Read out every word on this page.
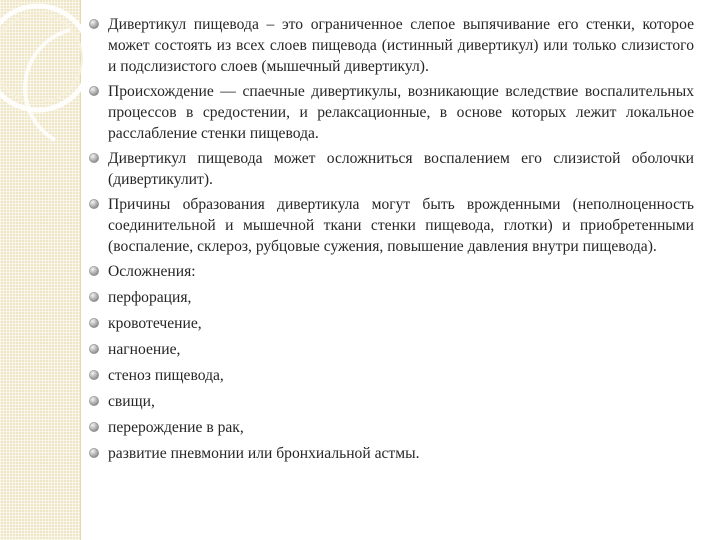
Дивертикул пищевода – это ограниченное слепое выпячивание его стенки, которое может состоять из всех слоев пищевода (истинный дивертикул) или только слизистого и подслизистого слоев (мышечный дивертикул).
Происхождение — спаечные дивертикулы, возникающие вследствие воспалительных процессов в средостении, и релаксационные, в основе которых лежит локальное расслабление стенки пищевода.
Дивертикул пищевода может осложниться воспалением его слизистой оболочки (дивертикулит).
Причины образования дивертикула могут быть врожденными (неполноценность соединительной и мышечной ткани стенки пищевода, глотки) и приобретенными (воспаление, склероз, рубцовые сужения, повышение давления внутри пищевода).
Осложнения:
перфорация,
кровотечение,
нагноение,
стеноз пищевода,
свищи,
перерождение в рак,
развитие пневмонии или бронхиальной астмы.
